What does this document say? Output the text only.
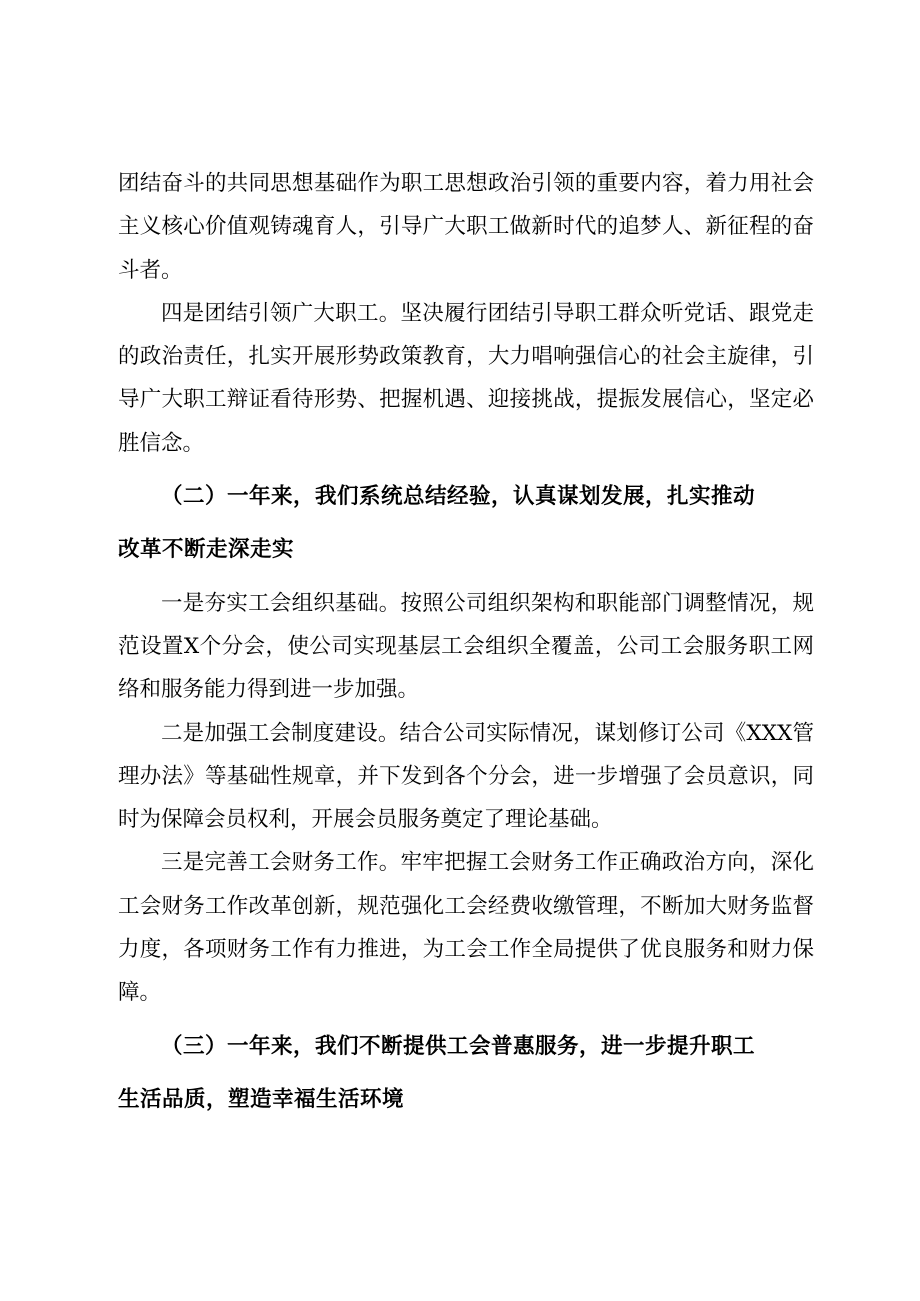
团结奋斗的共同思想基础作为职工思想政治引领的重要内容，着力用社会主义核心价值观铸魂育人，引导广大职工做新时代的追梦人、新征程的奋斗者。

四是团结引领广大职工。坚决履行团结引导职工群众听党话、跟党走的政治责任，扎实开展形势政策教育，大力唱响强信心的社会主旋律，引导广大职工辩证看待形势、把握机遇、迎接挑战，提振发展信心，坚定必胜信念。

（二）一年来，我们系统总结经验，认真谋划发展，扎实推动
改革不断走深走实

一是夯实工会组织基础。按照公司组织架构和职能部门调整情况，规范设置X个分会，使公司实现基层工会组织全覆盖，公司工会服务职工网络和服务能力得到进一步加强。

二是加强工会制度建设。结合公司实际情况，谋划修订公司《XXX管理办法》等基础性规章，并下发到各个分会，进一步增强了会员意识，同时为保障会员权利，开展会员服务奠定了理论基础。

三是完善工会财务工作。牢牢把握工会财务工作正确政治方向，深化工会财务工作改革创新，规范强化工会经费收缴管理，不断加大财务监督力度，各项财务工作有力推进，为工会工作全局提供了优良服务和财力保障。

（三）一年来，我们不断提供工会普惠服务，进一步提升职工
生活品质，塑造幸福生活环境
